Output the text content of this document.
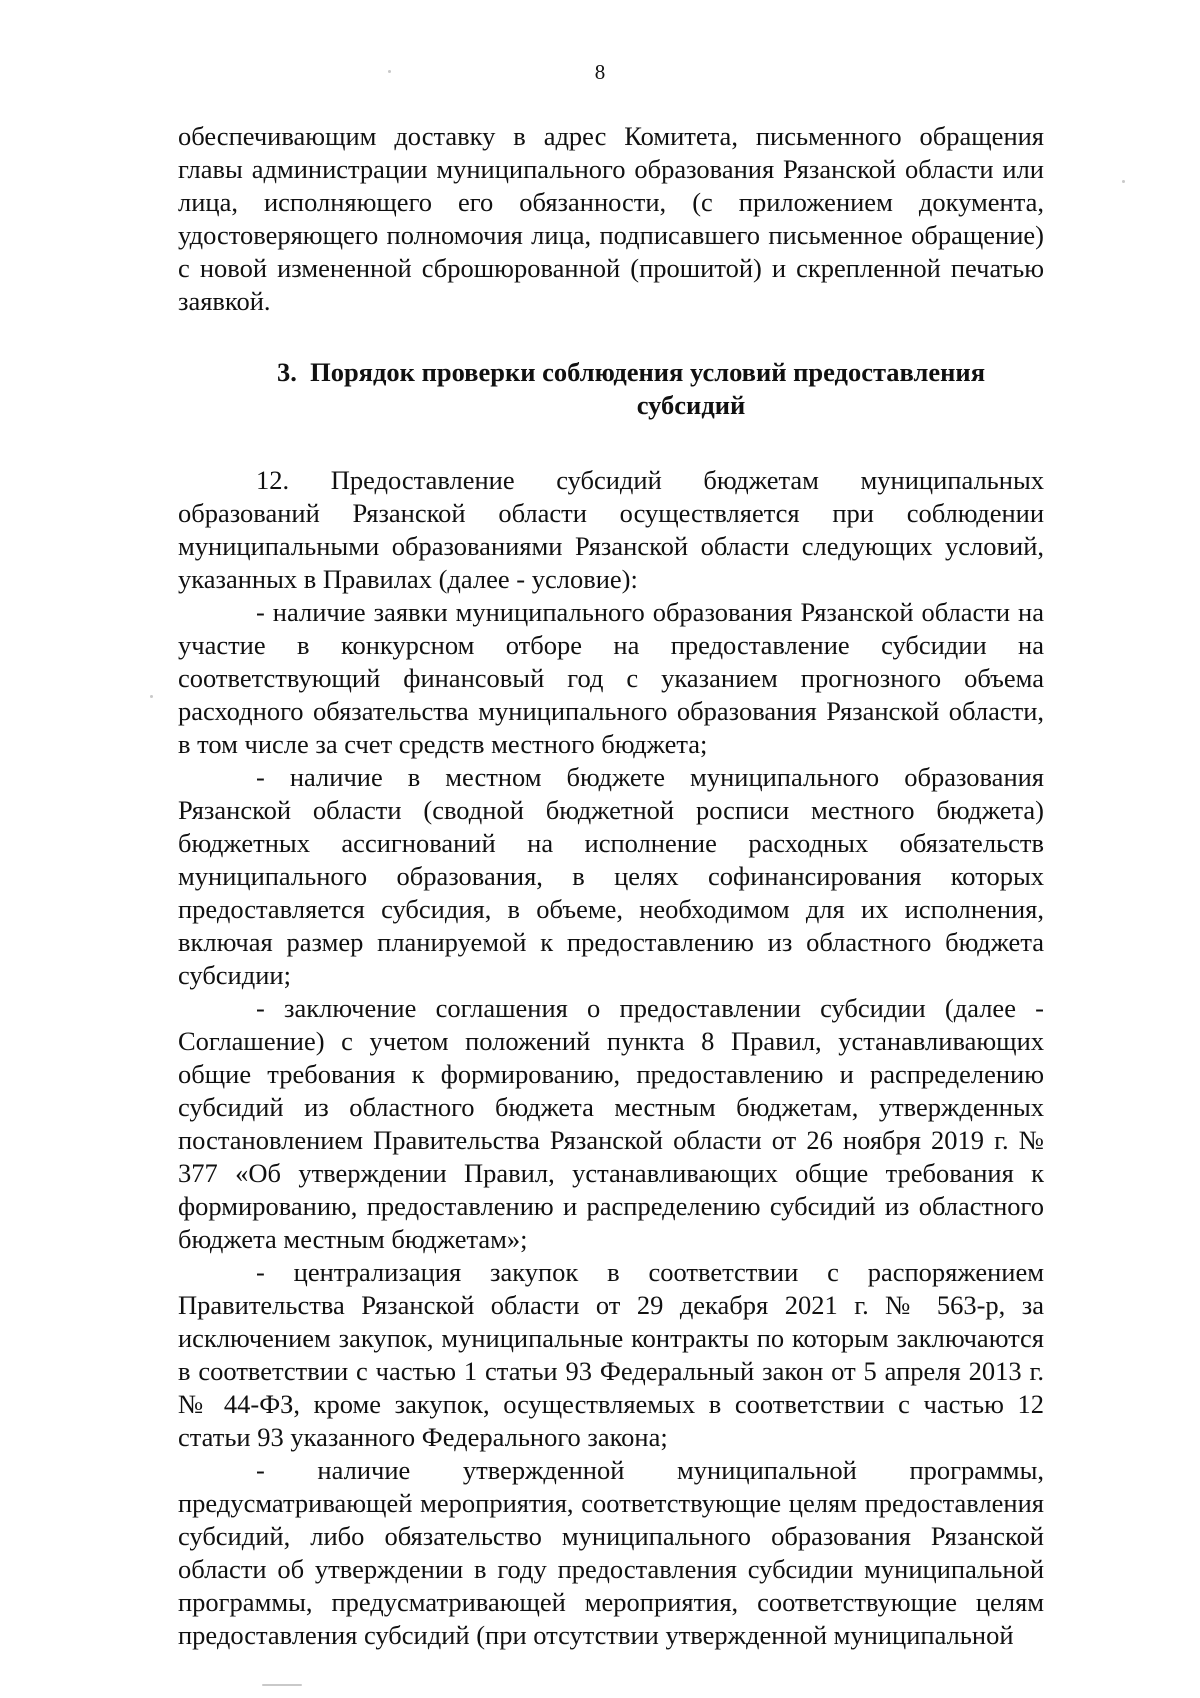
8

обеспечивающим доставку в адрес Комитета, письменного обращения главы администрации муниципального образования Рязанской области или лица, исполняющего его обязанности, (с приложением документа, удостоверяющего полномочия лица, подписавшего письменное обращение) с новой измененной сброшюрованной (прошитой) и скрепленной печатью заявкой.

3. Порядок проверки соблюдения условий предоставления
субсидий

12. Предоставление субсидий бюджетам муниципальных образований Рязанской области осуществляется при соблюдении муниципальными образованиями Рязанской области следующих условий, указанных в Правилах (далее - условие):

- наличие заявки муниципального образования Рязанской области на участие в конкурсном отборе на предоставление субсидии на соответствующий финансовый год с указанием прогнозного объема расходного обязательства муниципального образования Рязанской области, в том числе за счет средств местного бюджета;

- наличие в местном бюджете муниципального образования Рязанской области (сводной бюджетной росписи местного бюджета) бюджетных ассигнований на исполнение расходных обязательств муниципального образования, в целях софинансирования которых предоставляется субсидия, в объеме, необходимом для их исполнения, включая размер планируемой к предоставлению из областного бюджета субсидии;

- заключение соглашения о предоставлении субсидии (далее - Соглашение) с учетом положений пункта 8 Правил, устанавливающих общие требования к формированию, предоставлению и распределению субсидий из областного бюджета местным бюджетам, утвержденных постановлением Правительства Рязанской области от 26 ноября 2019 г. № 377 «Об утверждении Правил, устанавливающих общие требования к формированию, предоставлению и распределению субсидий из областного бюджета местным бюджетам»;

- централизация закупок в соответствии с распоряжением Правительства Рязанской области от 29 декабря 2021 г. № 563-р, за исключением закупок, муниципальные контракты по которым заключаются в соответствии с частью 1 статьи 93 Федеральный закон от 5 апреля 2013 г. № 44-ФЗ, кроме закупок, осуществляемых в соответствии с частью 12 статьи 93 указанного Федерального закона;

- наличие утвержденной муниципальной программы, предусматривающей мероприятия, соответствующие целям предоставления субсидий, либо обязательство муниципального образования Рязанской области об утверждении в году предоставления субсидии муниципальной программы, предусматривающей мероприятия, соответствующие целям предоставления субсидий (при отсутствии утвержденной муниципальной
